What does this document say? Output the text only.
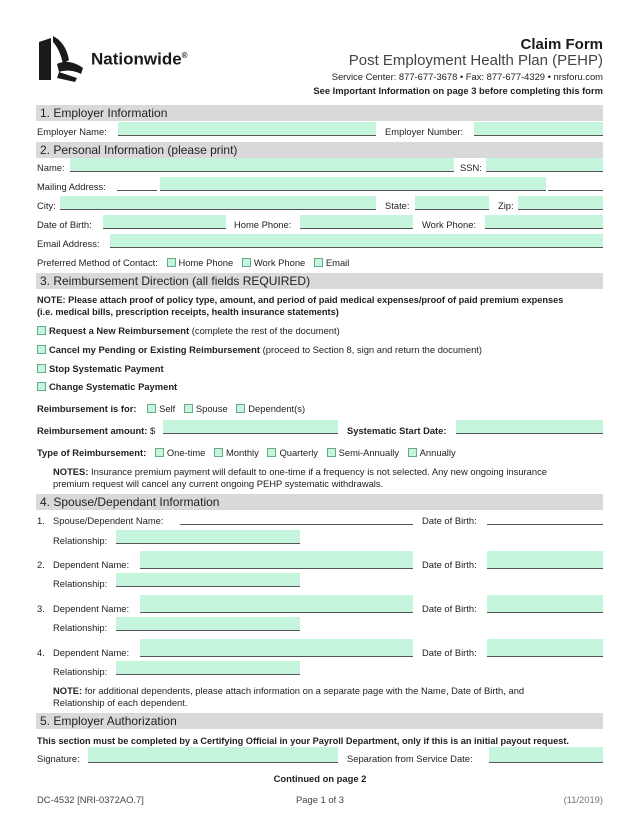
Nationwide®
Claim Form
Post Employment Health Plan (PEHP)
Service Center: 877-677-3678 • Fax: 877-677-4329 • nrsforu.com
See Important Information on page 3 before completing this form
1. Employer Information
Employer Name:	Employer Number:
2. Personal Information (please print)
Name:	SSN:
Mailing Address:
City:	State:	Zip:
Date of Birth:	Home Phone:	Work Phone:
Email Address:
Preferred Method of Contact: Home Phone Work Phone Email
3. Reimbursement Direction (all fields REQUIRED)
NOTE: Please attach proof of policy type, amount, and period of paid medical expenses/proof of paid premium expenses
(i.e. medical bills, prescription receipts, health insurance statements)
Request a New Reimbursement (complete the rest of the document)
Cancel my Pending or Existing Reimbursement (proceed to Section 8, sign and return the document)
Stop Systematic Payment
Change Systematic Payment
Reimbursement is for: Self Spouse Dependent(s)
Reimbursement amount: $	Systematic Start Date:
Type of Reimbursement: One-time Monthly Quarterly Semi-Annually Annually
NOTES: Insurance premium payment will default to one-time if a frequency is not selected. Any new ongoing insurance
premium request will cancel any current ongoing PEHP systematic withdrawals.
4. Spouse/Dependant Information
1. Spouse/Dependent Name:	Date of Birth:
Relationship:
2. Dependent Name:	Date of Birth:
Relationship:
3. Dependent Name:	Date of Birth:
Relationship:
4. Dependent Name:	Date of Birth:
Relationship:
NOTE: for additional dependents, please attach information on a separate page with the Name, Date of Birth, and
Relationship of each dependent.
5. Employer Authorization
This section must be completed by a Certifying Official in your Payroll Department, only if this is an initial payout request.
Signature:	Separation from Service Date:
Continued on page 2
DC-4532 [NRI-0372AO.7]	Page 1 of 3	(11/2019)
